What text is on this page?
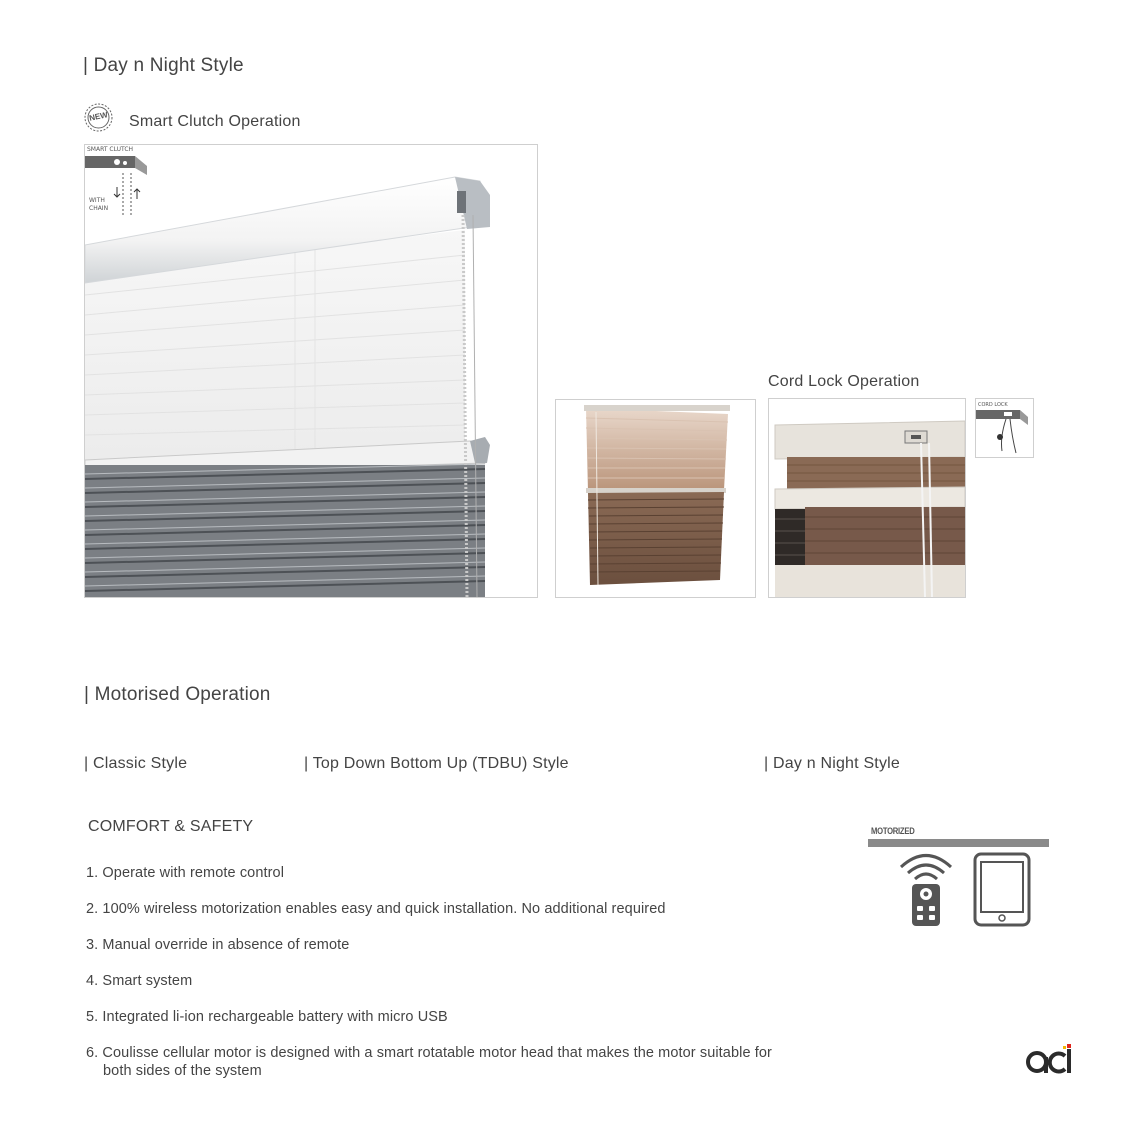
| Day n Night Style
NEW	Smart Clutch Operation
SMART CLUTCH
WITH
CHAIN
Cord Lock Operation
CORD LOCK
| Motorised Operation
| Classic Style	| Top Down Bottom Up (TDBU) Style	| Day n Night Style
COMFORT & SAFETY
1. Operate with remote control
2. 100% wireless motorization enables easy and quick installation. No additional required
3. Manual override in absence of remote
4. Smart system
5. Integrated li-ion rechargeable battery with micro USB
6. Coulisse cellular motor is designed with a smart rotatable motor head that makes the motor suitable for
both sides of the system
MOTORIZED
